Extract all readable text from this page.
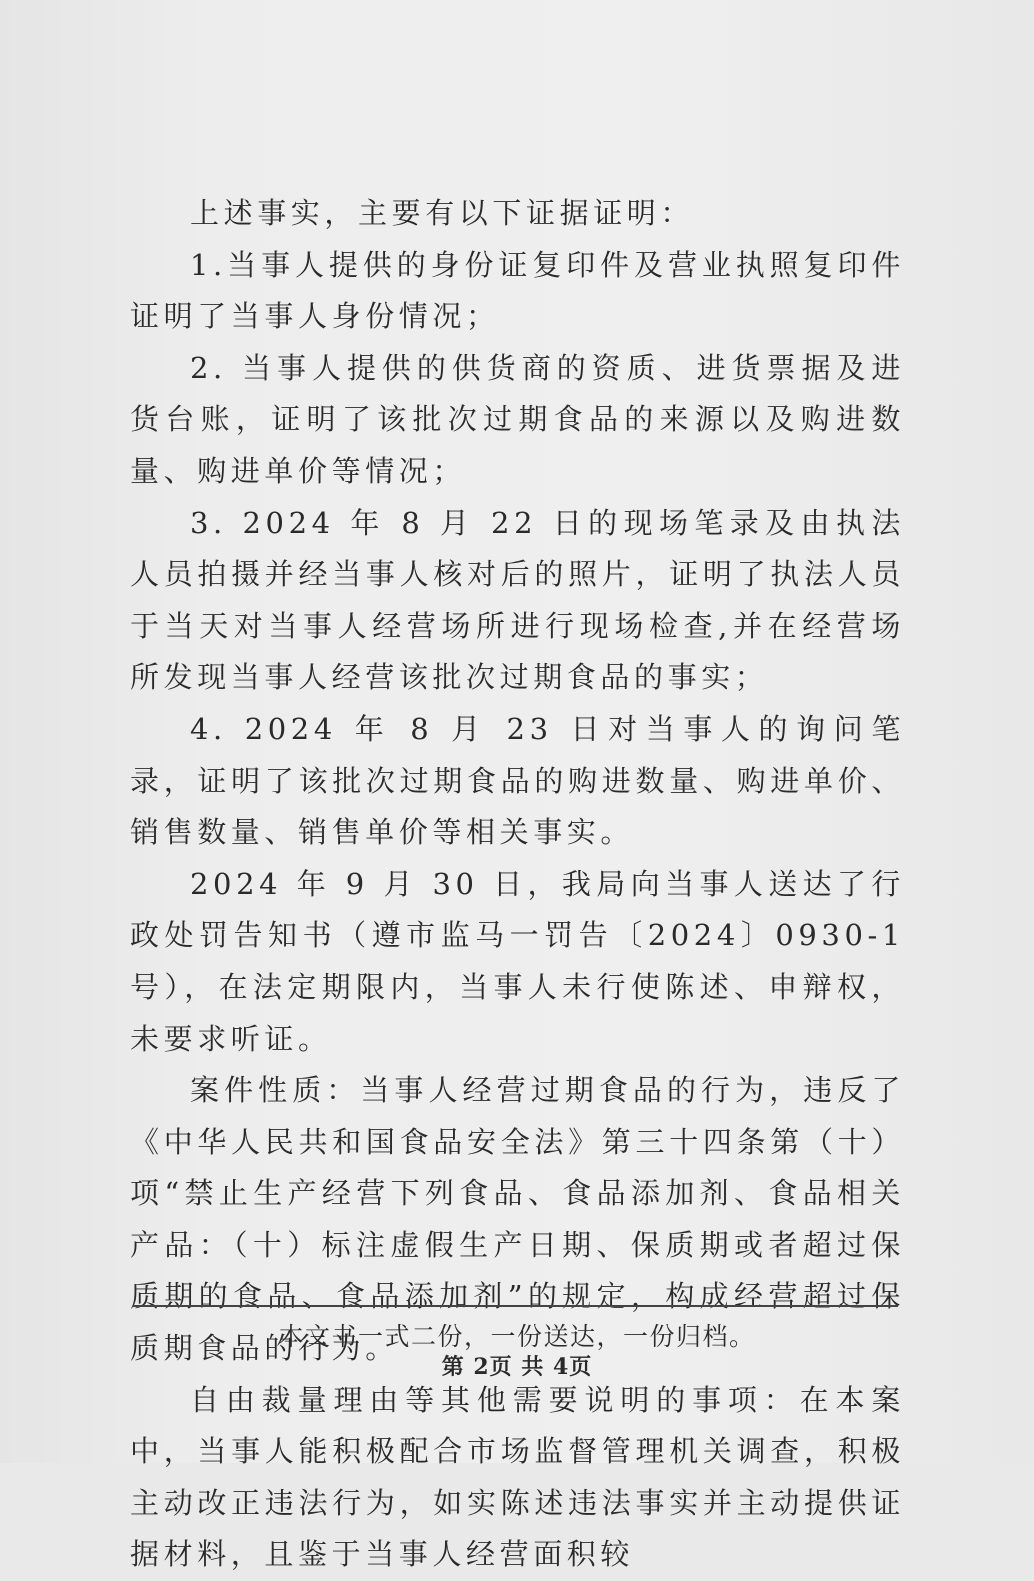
上述事实，主要有以下证据证明：

1.当事人提供的身份证复印件及营业执照复印件证明了当事人身份情况；

2. 当事人提供的供货商的资质、进货票据及进货台账，证明了该批次过期食品的来源以及购进数量、购进单价等情况；

3. 2024 年 8 月 22 日的现场笔录及由执法人员拍摄并经当事人核对后的照片，证明了执法人员于当天对当事人经营场所进行现场检查,并在经营场所发现当事人经营该批次过期食品的事实；

4. 2024 年 8 月 23 日对当事人的询问笔录，证明了该批次过期食品的购进数量、购进单价、销售数量、销售单价等相关事实。

2024 年 9 月 30 日，我局向当事人送达了行政处罚告知书（遵市监马一罚告〔2024〕0930-1 号），在法定期限内，当事人未行使陈述、申辩权，未要求听证。

案件性质：当事人经营过期食品的行为，违反了《中华人民共和国食品安全法》第三十四条第（十）项“禁止生产经营下列食品、食品添加剂、食品相关产品：（十）标注虚假生产日期、保质期或者超过保质期的食品、食品添加剂”的规定，构成经营超过保质期食品的行为。

自由裁量理由等其他需要说明的事项：在本案中，当事人能积极配合市场监督管理机关调查，积极主动改正违法行为，如实陈述违法事实并主动提供证据材料，且鉴于当事人经营面积较

本文书一式二份，一份送达，一份归档。
第 2页 共 4页
